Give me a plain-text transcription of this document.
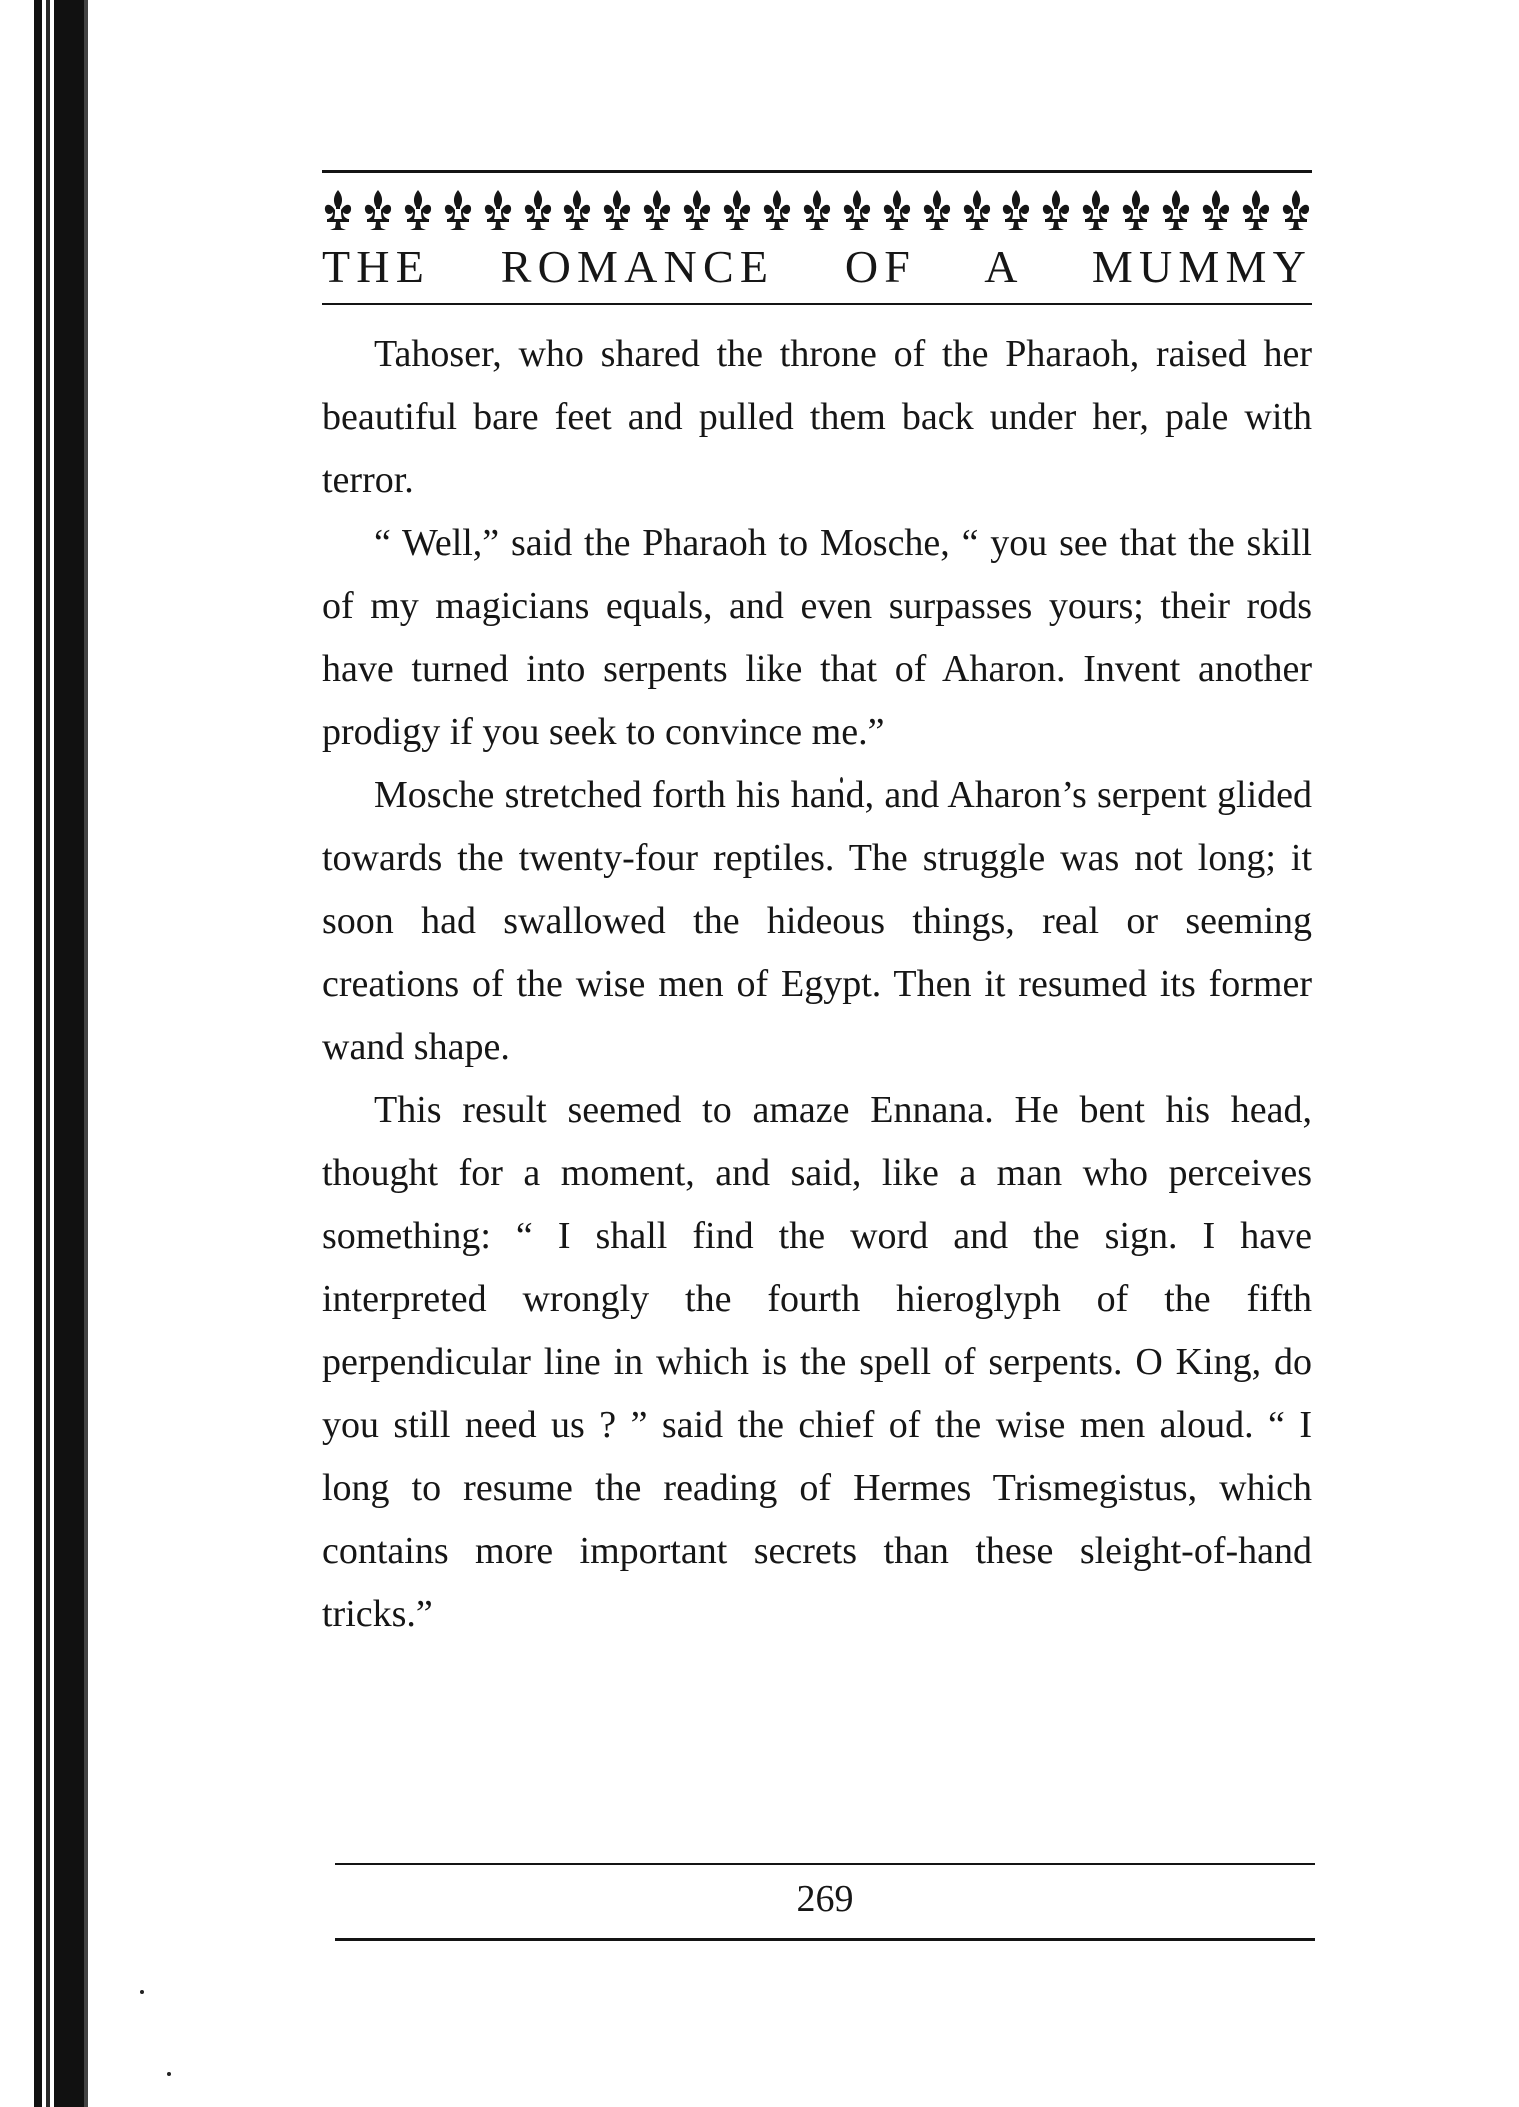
THE ROMANCE OF A MUMMY

Tahoser, who shared the throne of the Pharaoh, raised her beautiful bare feet and pulled them back under her, pale with terror.

“ Well,” said the Pharaoh to Mosche, “ you see that the skill of my magicians equals, and even surpasses yours; their rods have turned into serpents like that of Aharon. Invent another prodigy if you seek to convince me.”

Mosche stretched forth his hand, and Aharon’s serpent glided towards the twenty-four reptiles. The struggle was not long; it soon had swallowed the hideous things, real or seeming creations of the wise men of Egypt. Then it resumed its former wand shape.

This result seemed to amaze Ennana. He bent his head, thought for a moment, and said, like a man who perceives something: “ I shall find the word and the sign. I have interpreted wrongly the fourth hieroglyph of the fifth perpendicular line in which is the spell of serpents. O King, do you still need us ? ” said the chief of the wise men aloud. “ I long to resume the reading of Hermes Trismegistus, which contains more important secrets than these sleight-of-hand tricks.”

269
